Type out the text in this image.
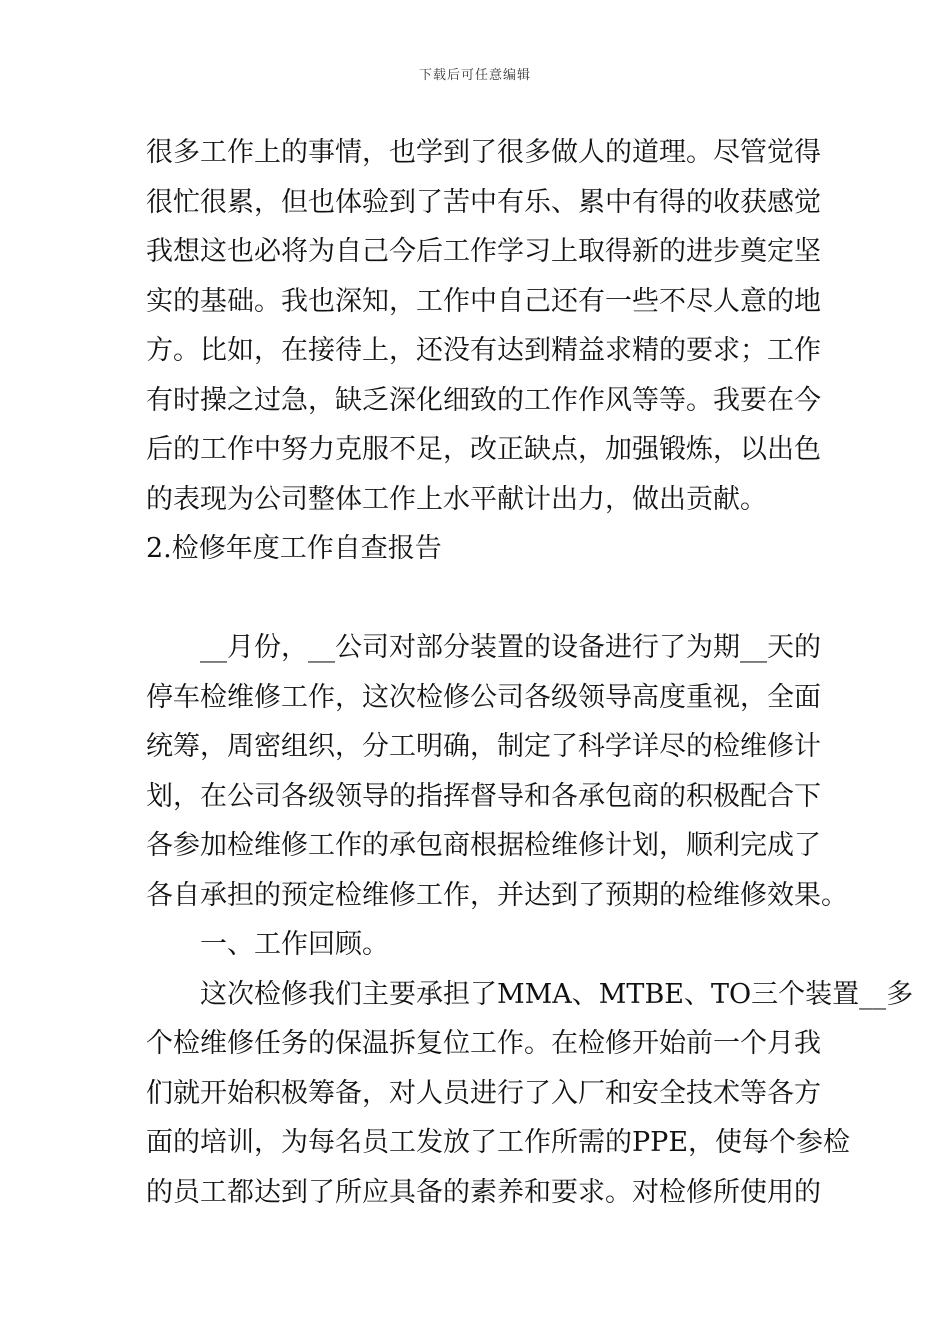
下载后可任意编辑
很多工作上的事情，也学到了很多做人的道理。尽管觉得
很忙很累，但也体验到了苦中有乐、累中有得的收获感觉
我想这也必将为自己今后工作学习上取得新的进步奠定坚
实的基础。我也深知，工作中自己还有一些不尽人意的地
方。比如，在接待上，还没有达到精益求精的要求；工作
有时操之过急，缺乏深化细致的工作作风等等。我要在今
后的工作中努力克服不足，改正缺点，加强锻炼，以出色
的表现为公司整体工作上水平献计出力，做出贡献。
2.检修年度工作自查报告
　　__月份，__公司对部分装置的设备进行了为期__天的
停车检维修工作，这次检修公司各级领导高度重视，全面
统筹，周密组织，分工明确，制定了科学详尽的检维修计
划，在公司各级领导的指挥督导和各承包商的积极配合下
各参加检维修工作的承包商根据检维修计划，顺利完成了
各自承担的预定检维修工作，并达到了预期的检维修效果。
　　一、工作回顾。
　　这次检修我们主要承担了MMA、MTBE、TO三个装置__多
个检维修任务的保温拆复位工作。在检修开始前一个月我
们就开始积极筹备，对人员进行了入厂和安全技术等各方
面的培训，为每名员工发放了工作所需的PPE，使每个参检
的员工都达到了所应具备的素养和要求。对检修所使用的
